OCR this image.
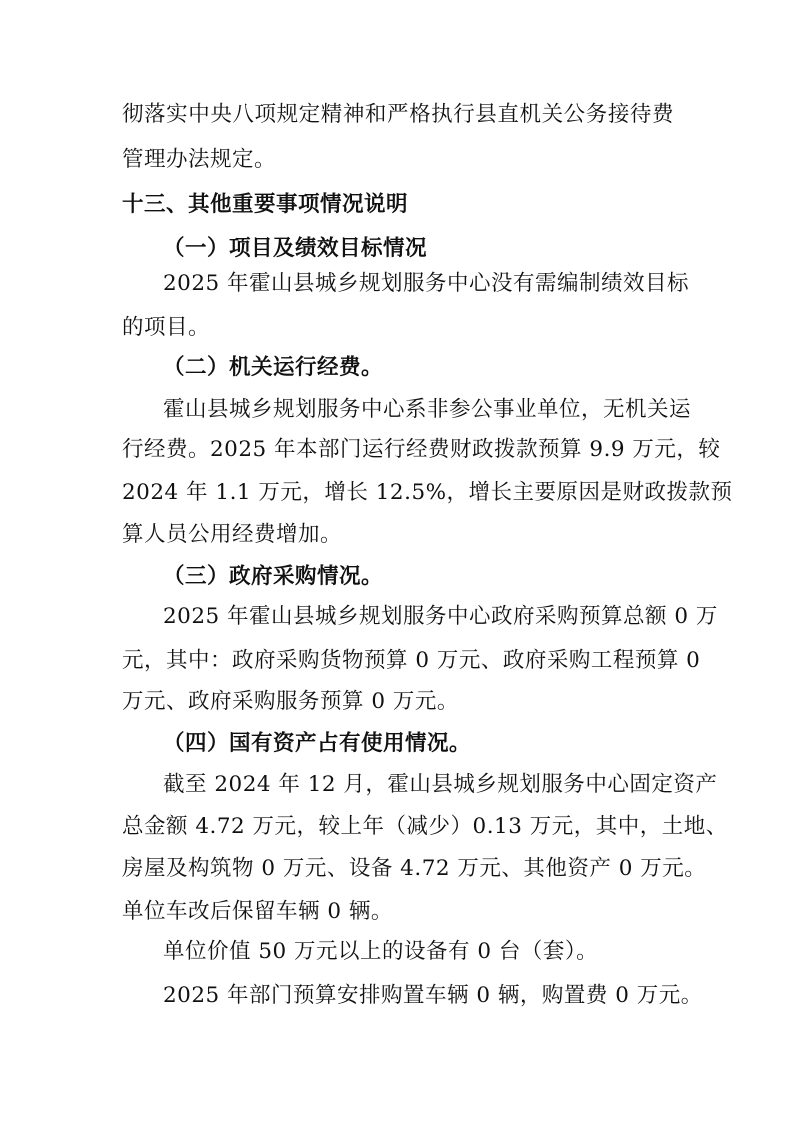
彻落实中央八项规定精神和严格执行县直机关公务接待费
管理办法规定。
十三、其他重要事项情况说明
（一）项目及绩效目标情况
2025 年霍山县城乡规划服务中心没有需编制绩效目标
的项目。
（二）机关运行经费。
霍山县城乡规划服务中心系非参公事业单位，无机关运
行经费。2025 年本部门运行经费财政拨款预算 9.9 万元，较
2024 年 1.1 万元，增长 12.5%，增长主要原因是财政拨款预
算人员公用经费增加。
（三）政府采购情况。
2025 年霍山县城乡规划服务中心政府采购预算总额 0 万
元，其中：政府采购货物预算 0 万元、政府采购工程预算 0
万元、政府采购服务预算 0 万元。
（四）国有资产占有使用情况。
截至 2024 年 12 月，霍山县城乡规划服务中心固定资产
总金额 4.72 万元，较上年（减少）0.13 万元，其中，土地、
房屋及构筑物 0 万元、设备 4.72 万元、其他资产 0 万元。
单位车改后保留车辆 0 辆。
单位价值 50 万元以上的设备有 0 台（套）。
2025 年部门预算安排购置车辆 0 辆，购置费 0 万元。
